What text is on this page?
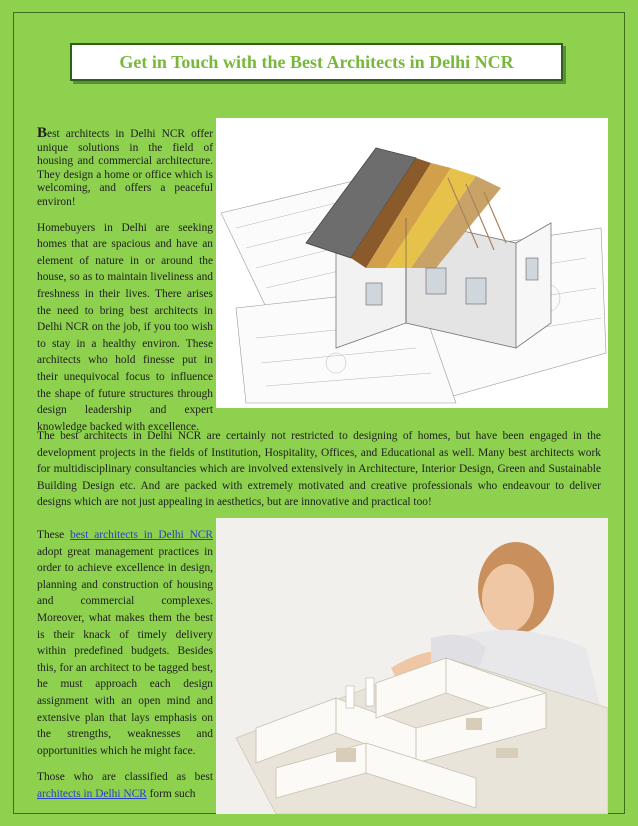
Get in Touch with the Best Architects in Delhi NCR

Best architects in Delhi NCR offer unique solutions in the field of housing and commercial architecture. They design a home or office which is welcoming, and offers a peaceful environ!

Homebuyers in Delhi are seeking homes that are spacious and have an element of nature in or around the house, so as to maintain liveliness and freshness in their lives. There arises the need to bring best architects in Delhi NCR on the job, if you too wish to stay in a healthy environ. These architects who hold finesse put in their unequivocal focus to influence the shape of future structures through design leadership and expert knowledge backed with excellence.

The best architects in Delhi NCR are certainly not restricted to designing of homes, but have been engaged in the development projects in the fields of Institution, Hospitality, Offices, and Educational as well. Many best architects work for multidisciplinary consultancies which are involved extensively in Architecture, Interior Design, Green and Sustainable Building Design etc. And are packed with extremely motivated and creative professionals who endeavour to deliver designs which are not just appealing in aesthetics, but are innovative and practical too!

These best architects in Delhi NCR adopt great management practices in order to achieve excellence in design, planning and construction of housing and commercial complexes. Moreover, what makes them the best is their knack of timely delivery within predefined budgets. Besides this, for an architect to be tagged best, he must approach each design assignment with an open mind and extensive plan that lays emphasis on the strengths, weaknesses and opportunities which he might face.

Those who are classified as best architects in Delhi NCR form such
